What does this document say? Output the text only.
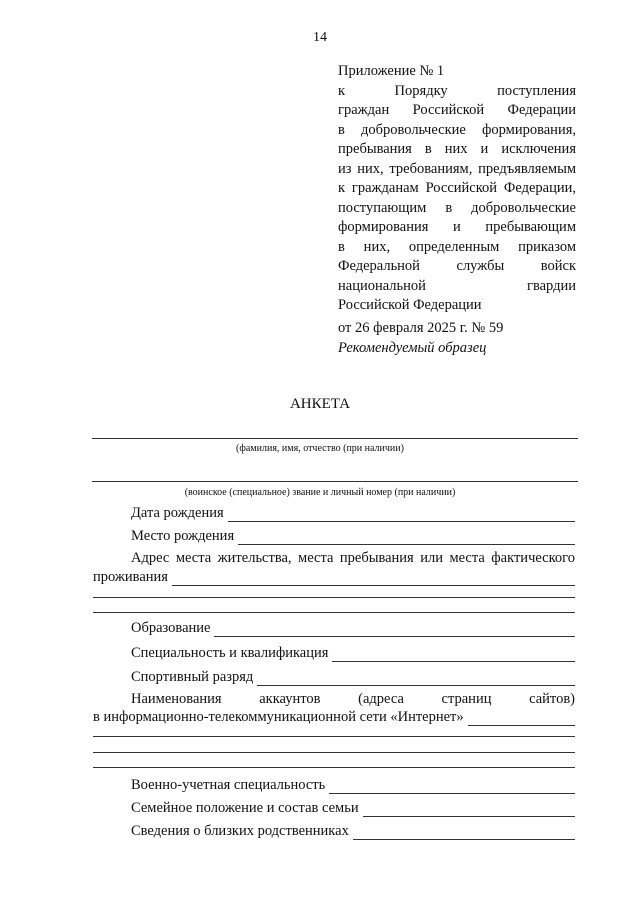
14
Приложение № 1
к Порядку поступления
граждан Российской Федерации
в добровольческие формирования,
пребывания в них и исключения
из них, требованиям, предъявляемым
к гражданам Российской Федерации,
поступающим в добровольческие
формирования и пребывающим
в них, определенным приказом
Федеральной службы войск
национальной гвардии
Российской Федерации
от 26 февраля 2025 г. № 59
Рекомендуемый образец
АНКЕТА
(фамилия, имя, отчество (при наличии)
(воинское (специальное) звание и личный номер (при наличии)
Дата рождения
Место рождения
Адрес места жительства, места пребывания или места фактического
проживания
Образование
Специальность и квалификация
Спортивный разряд
Наименования аккаунтов (адреса страниц сайтов)
в информационно-телекоммуникационной сети «Интернет»
Военно-учетная специальность
Семейное положение и состав семьи
Сведения о близких родственниках
